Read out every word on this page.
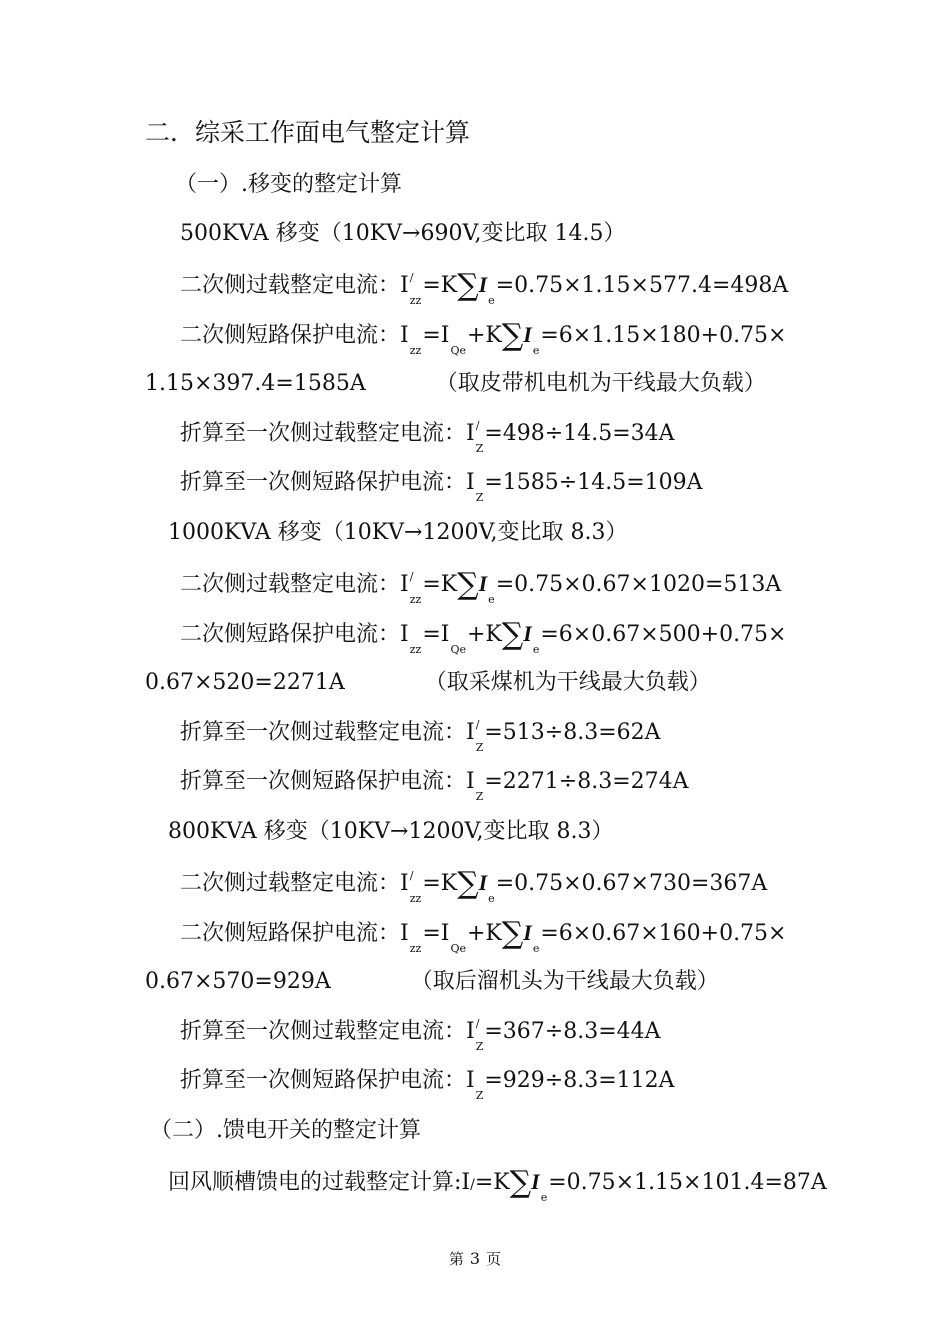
二．综采工作面电气整定计算
（一）.移变的整定计算
500KVA 移变（10KV→690V,变比取 14.5）
二次侧过载整定电流：I/
zz=K∑Ie=0.75×1.15×577.4=498A
二次侧短路保护电流：Izz=IQe+K∑Ie=6×1.15×180+0.75×
1.15×397.4=1585A	（取皮带机电机为干线最大负载）
折算至一次侧过载整定电流：I/
Z=498÷14.5=34A
折算至一次侧短路保护电流：IZ=1585÷14.5=109A
1000KVA 移变（10KV→1200V,变比取 8.3）
二次侧过载整定电流：I/
zz=K∑Ie=0.75×0.67×1020=513A
二次侧短路保护电流：Izz=IQe+K∑Ie=6×0.67×500+0.75×
0.67×520=2271A	（取采煤机为干线最大负载）
折算至一次侧过载整定电流：I/
Z=513÷8.3=62A
折算至一次侧短路保护电流：IZ=2271÷8.3=274A
800KVA 移变（10KV→1200V,变比取 8.3）
二次侧过载整定电流：I/
zz=K∑Ie=0.75×0.67×730=367A
二次侧短路保护电流：Izz=IQe+K∑Ie=6×0.67×160+0.75×
0.67×570=929A	（取后溜机头为干线最大负载）
折算至一次侧过载整定电流：I/
Z=367÷8.3=44A
折算至一次侧短路保护电流：IZ=929÷8.3=112A
（二）.馈电开关的整定计算
回风顺槽馈电的过载整定计算:I/=K∑Ie=0.75×1.15×101.4=87A
第 3 页
